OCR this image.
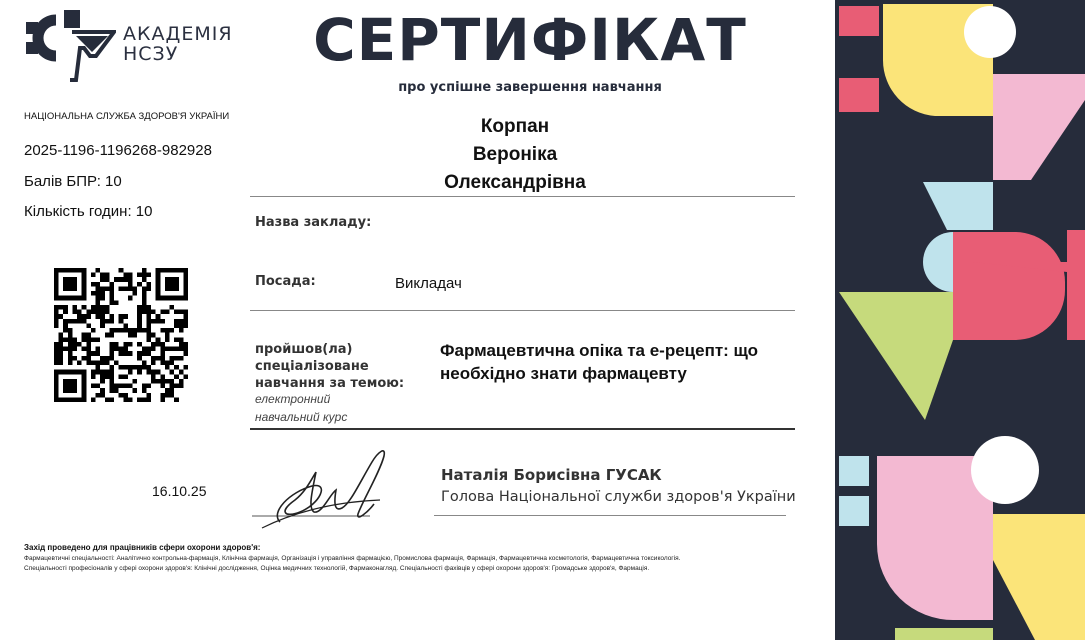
АКАДЕМІЯ
НСЗУ
НАЦІОНАЛЬНА СЛУЖБА ЗДОРОВ'Я УКРАЇНИ
2025-1196-1196268-982928
Балів БПР: 10
Кількість годин: 10
СЕРТИФІКАТ
про успішне завершення навчання
Корпан
Вероніка
Олександрівна
Назва закладу:
Посада:	Викладач
пройшов(ла)
спеціалізоване
навчання за темою:
електронний
навчальний курс
Фармацевтична опіка та е-рецепт: що необхідно знати фармацевту
16.10.25
Наталія Борисівна ГУСАК
Голова Національної служби здоров'я України
Захід проведено для працівників сфери охорони здоров'я:
Фармацевтичні спеціальності: Аналітично контрольна-фармація, Клінічна фармація, Організація і управління фармацією, Промислова фармація, Фармація, Фармацевтична косметологія, Фармацевтична токсикологія.
Спеціальності професіоналів у сфері охорони здоров'я: Клінічні дослідження, Оцінка медичних технологій, Фармаконагляд. Спеціальності фахівців у сфері охорони здоров'я: Громадське здоров'я, Фармація.
